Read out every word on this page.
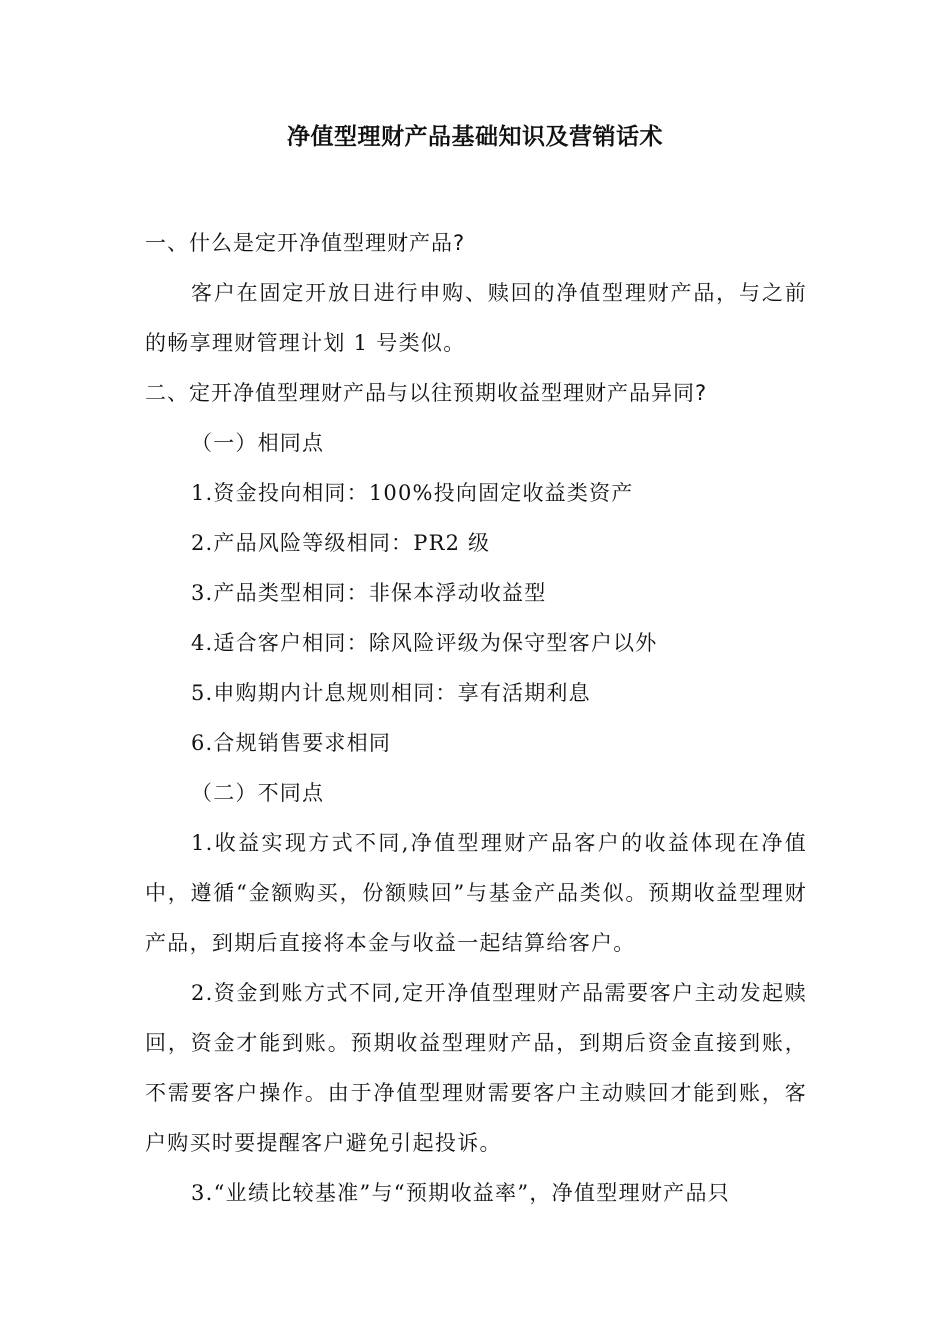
净值型理财产品基础知识及营销话术

一、什么是定开净值型理财产品?

客户在固定开放日进行申购、赎回的净值型理财产品，与之前的畅享理财管理计划 1 号类似。

二、定开净值型理财产品与以往预期收益型理财产品异同?

（一）相同点

1.资金投向相同：100%投向固定收益类资产

2.产品风险等级相同：PR2 级

3.产品类型相同：非保本浮动收益型

4.适合客户相同：除风险评级为保守型客户以外

5.申购期内计息规则相同：享有活期利息

6.合规销售要求相同

（二）不同点

1.收益实现方式不同,净值型理财产品客户的收益体现在净值中，遵循“金额购买，份额赎回”与基金产品类似。预期收益型理财产品，到期后直接将本金与收益一起结算给客户。

2.资金到账方式不同,定开净值型理财产品需要客户主动发起赎回，资金才能到账。预期收益型理财产品，到期后资金直接到账，不需要客户操作。由于净值型理财需要客户主动赎回才能到账，客户购买时要提醒客户避免引起投诉。

3.“业绩比较基准”与“预期收益率”，净值型理财产品只
